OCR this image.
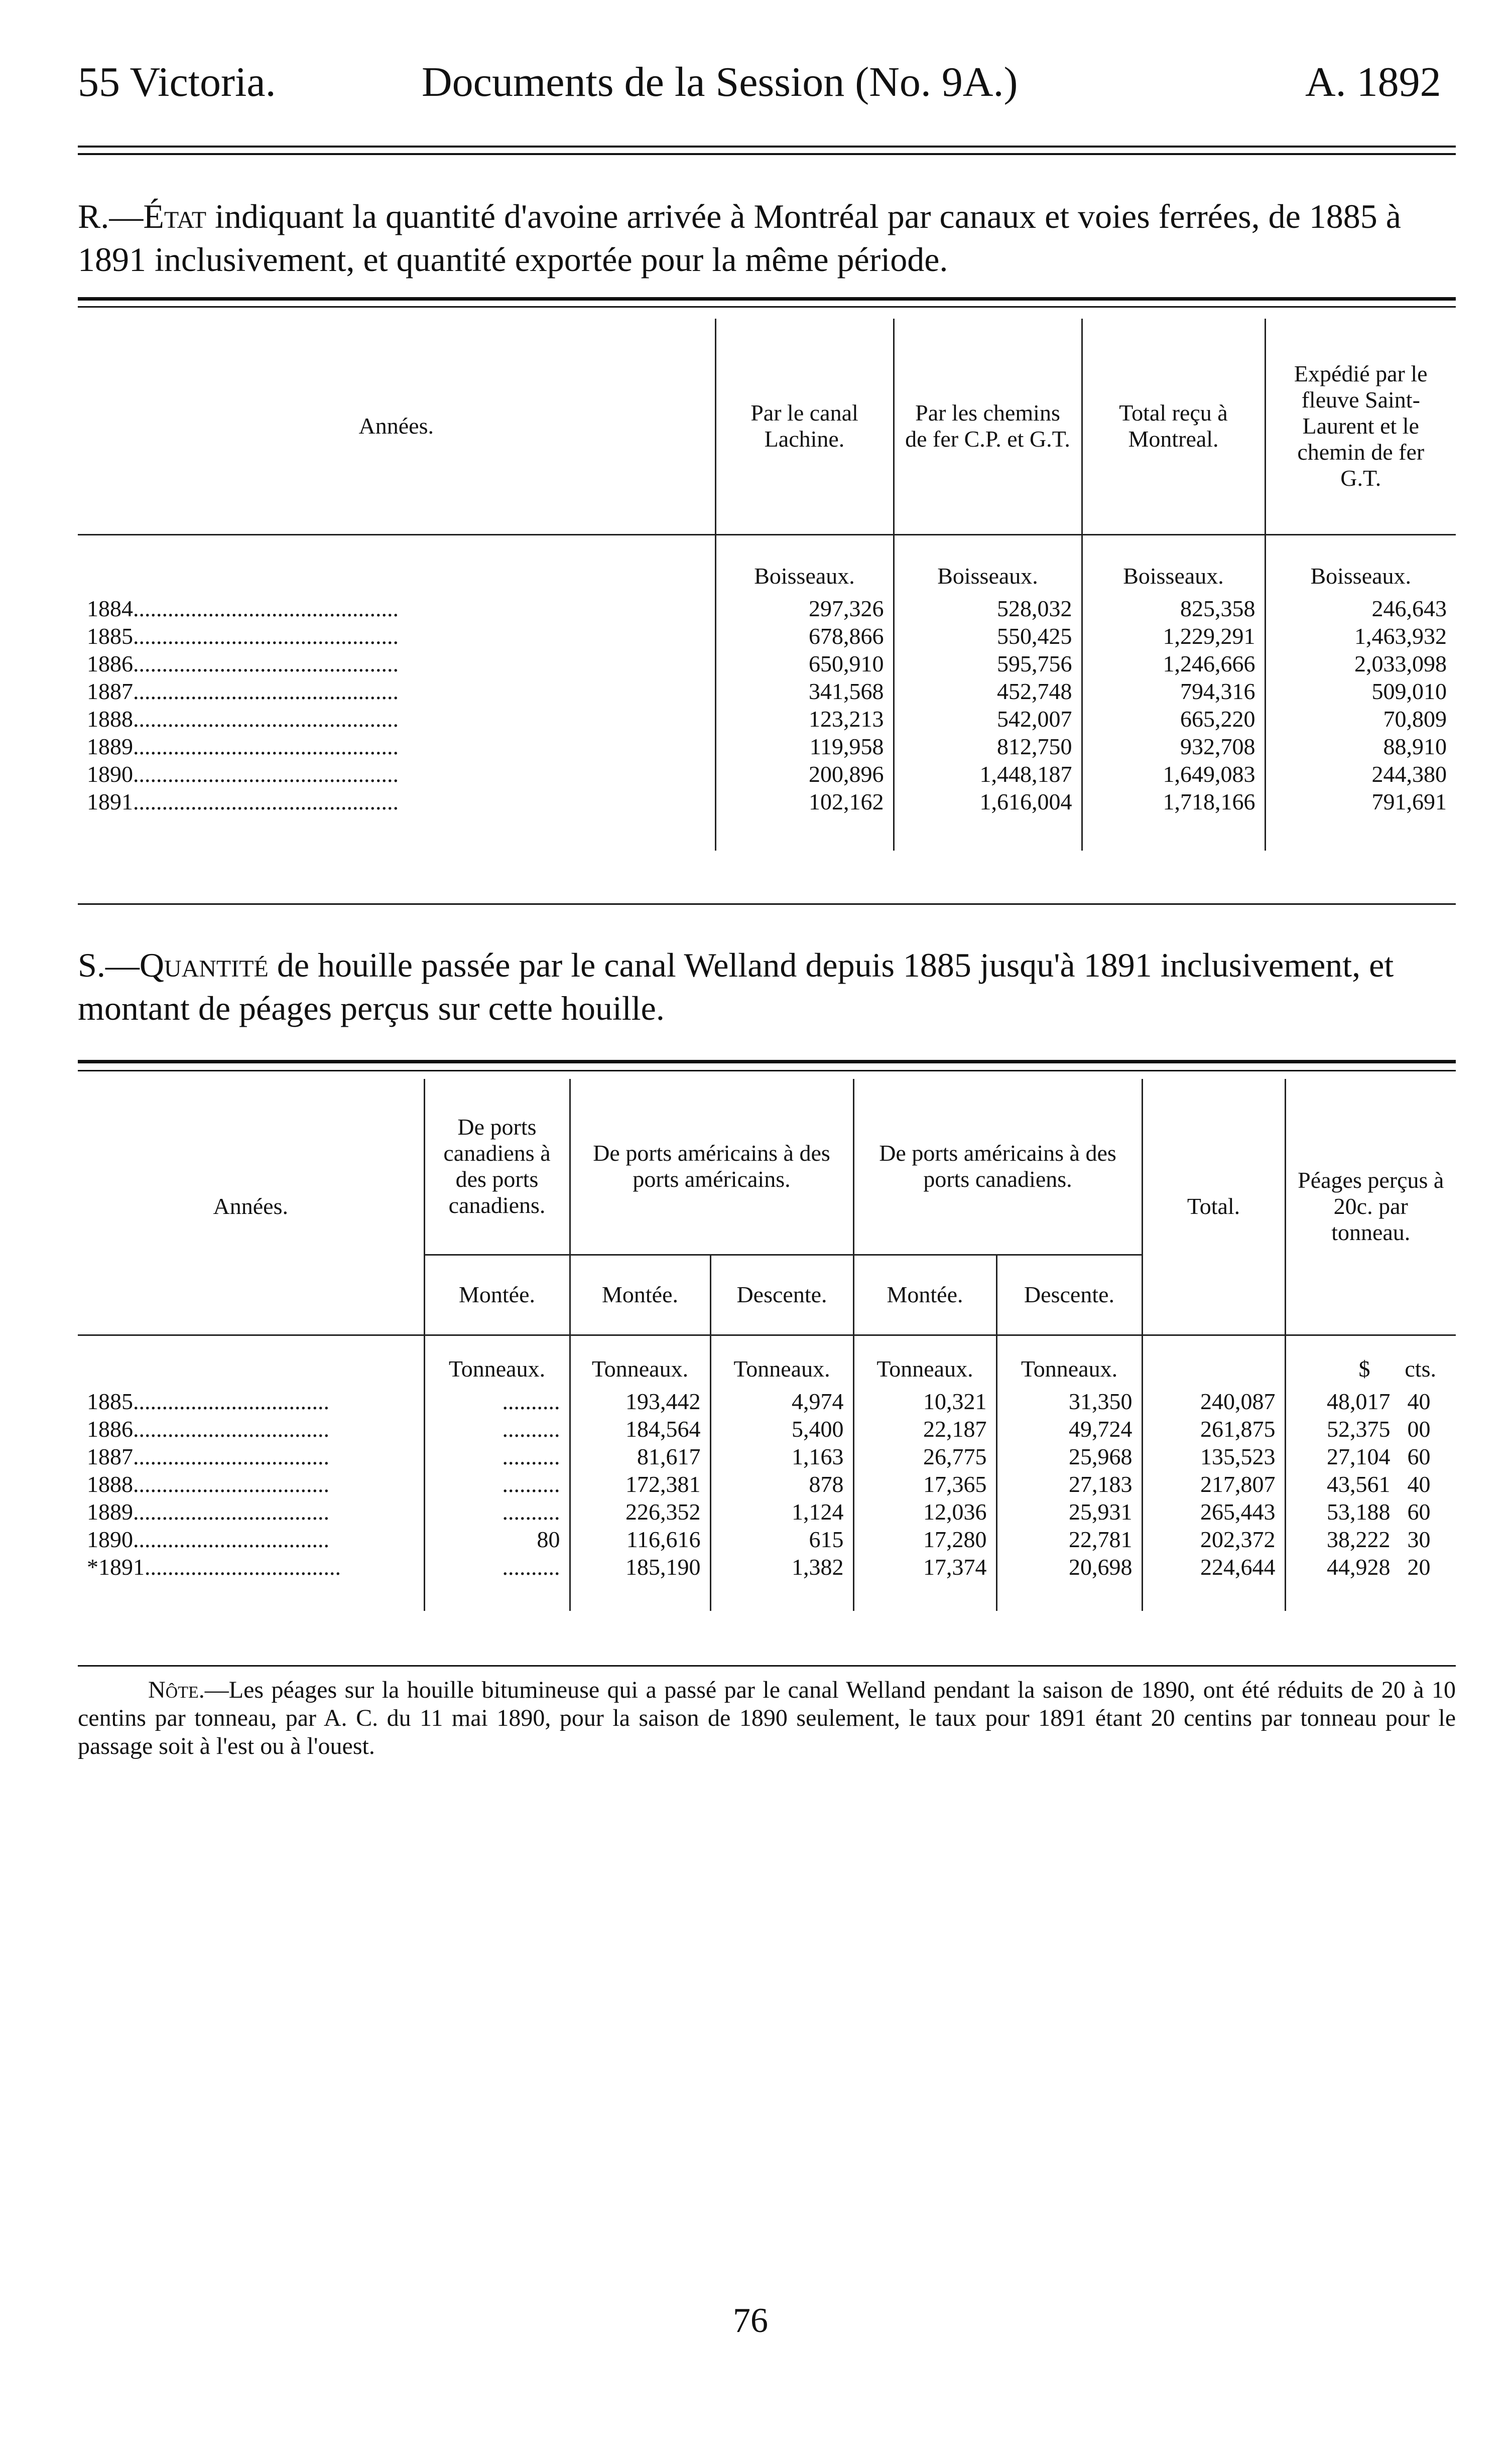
55 Victoria.	Documents de la Session (No. 9A.)	A. 1892
R.—État indiquant la quantité d'avoine arrivée à Montréal par canaux et voies ferrées, de 1885 à 1891 inclusivement, et quantité exportée pour la même période.
Années.	Par le canal Lachine.	Par les chemins de fer C.P. et G.T.	Total reçu à Montreal.	Expédié par le fleuve Saint-Laurent et le chemin de fer G.T.
	Boisseaux.	Boisseaux.	Boisseaux.	Boisseaux.
1884..............................................	297,326	528,032	825,358	246,643
1885..............................................	678,866	550,425	1,229,291	1,463,932
1886..............................................	650,910	595,756	1,246,666	2,033,098
1887..............................................	341,568	452,748	794,316	509,010
1888..............................................	123,213	542,007	665,220	70,809
1889..............................................	119,958	812,750	932,708	88,910
1890..............................................	200,896	1,448,187	1,649,083	244,380
1891..............................................	102,162	1,616,004	1,718,166	791,691

S.—Quantité de houille passée par le canal Welland depuis 1885 jusqu'à 1891 inclusivement, et montant de péages perçus sur cette houille.
Années.	De ports canadiens à des ports canadiens.	De ports américains à des ports américains.		De ports américains à des ports canadiens.		Total.	Péages perçus à 20c. par tonneau.
	Montée.	Montée.	Descente.	Montée.	Descente.		
	Tonneaux.	Tonneaux.	Tonneaux.	Tonneaux.	Tonneaux.		$ cts.
1885..................................	..........	193,442	4,974	10,321	31,350	240,087	48,017 40
1886..................................	..........	184,564	5,400	22,187	49,724	261,875	52,375 00
1887..................................	..........	81,617	1,163	26,775	25,968	135,523	27,104 60
1888..................................	..........	172,381	878	17,365	27,183	217,807	43,561 40
1889..................................	..........	226,352	1,124	12,036	25,931	265,443	53,188 60
1890..................................	80	116,616	615	17,280	22,781	202,372	38,222 30
*1891..................................	..........	185,190	1,382	17,374	20,698	224,644	44,928 20

Nôte.—Les péages sur la houille bitumineuse qui a passé par le canal Welland pendant la saison de 1890, ont été réduits de 20 à 10 centins par tonneau, par A. C. du 11 mai 1890, pour la saison de 1890 seulement, le taux pour 1891 étant 20 centins par tonneau pour le passage soit à l'est ou à l'ouest.
76
